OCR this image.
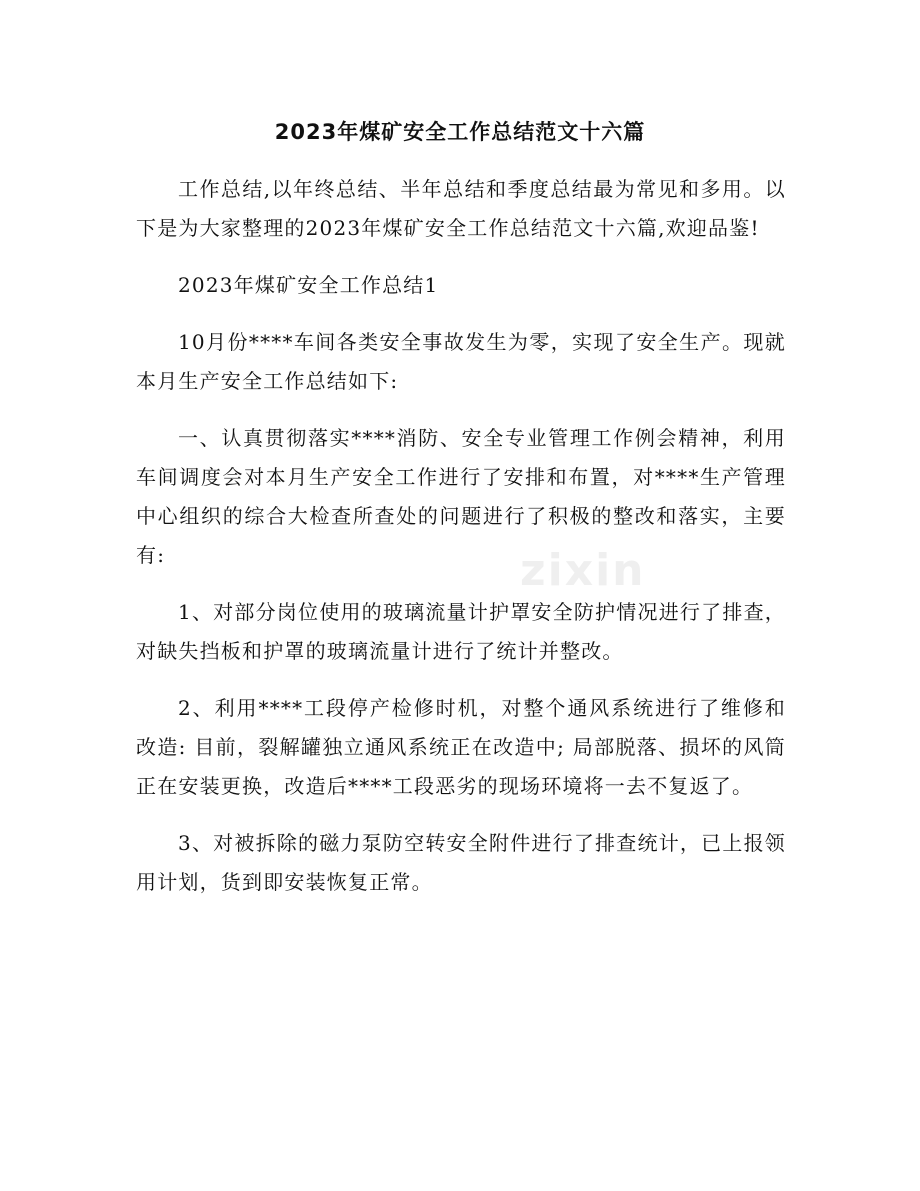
2023年煤矿安全工作总结范文十六篇

工作总结,以年终总结、半年总结和季度总结最为常见和多用。以下是为大家整理的2023年煤矿安全工作总结范文十六篇,欢迎品鉴!

2023年煤矿安全工作总结1

10月份****车间各类安全事故发生为零，实现了安全生产。现就本月生产安全工作总结如下:

一、认真贯彻落实****消防、安全专业管理工作例会精神，利用车间调度会对本月生产安全工作进行了安排和布置，对****生产管理中心组织的综合大检查所查处的问题进行了积极的整改和落实，主要有:

1、对部分岗位使用的玻璃流量计护罩安全防护情况进行了排查，对缺失挡板和护罩的玻璃流量计进行了统计并整改。

2、利用****工段停产检修时机，对整个通风系统进行了维修和改造: 目前，裂解罐独立通风系统正在改造中; 局部脱落、损坏的风筒正在安装更换，改造后****工段恶劣的现场环境将一去不复返了。

3、对被拆除的磁力泵防空转安全附件进行了排查统计，已上报领用计划，货到即安装恢复正常。

zixin
